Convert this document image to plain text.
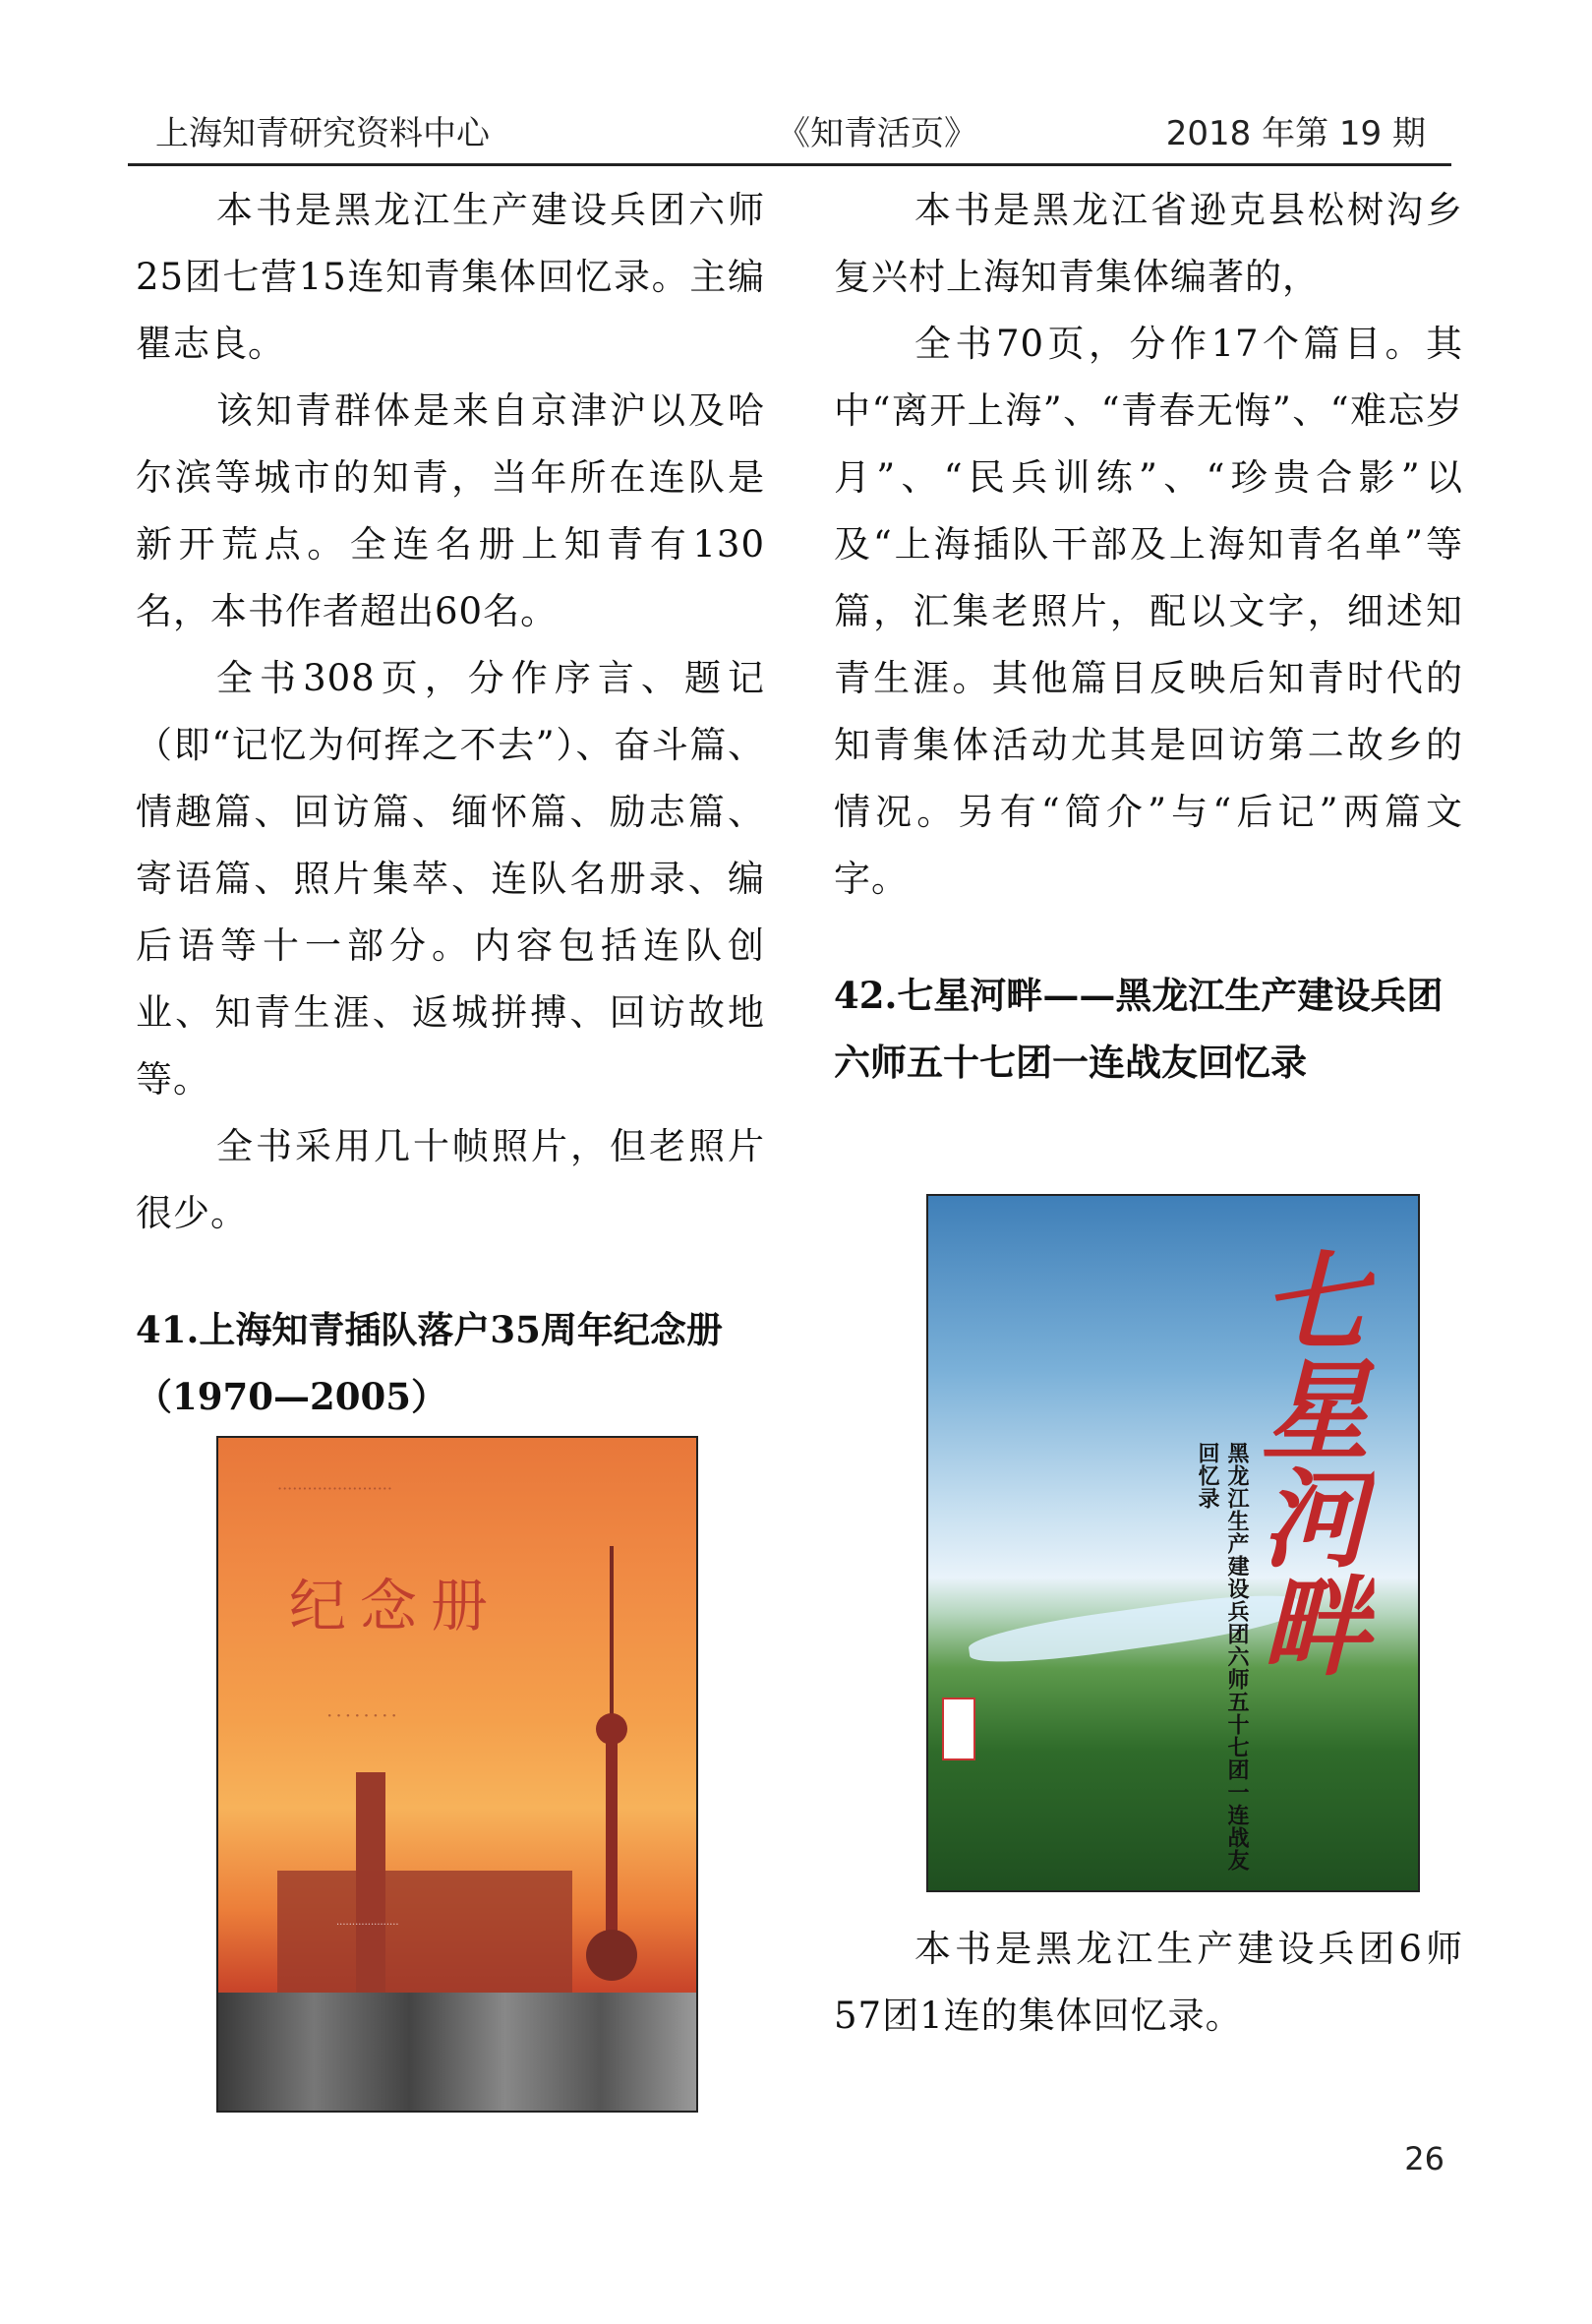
上海知青研究资料中心	《知青活页》	2018 年第 19 期

本书是黑龙江生产建设兵团六师25团七营15连知青集体回忆录。主编瞿志良。

该知青群体是来自京津沪以及哈尔滨等城市的知青，当年所在连队是新开荒点。全连名册上知青有130名，本书作者超出60名。

全书308页，分作序言、题记（即“记忆为何挥之不去”）、奋斗篇、情趣篇、回访篇、缅怀篇、励志篇、寄语篇、照片集萃、连队名册录、编后语等十一部分。内容包括连队创业、知青生涯、返城拼搏、回访故地等。

全书采用几十帧照片，但老照片很少。

41.上海知青插队落户35周年纪念册（1970—2005）

本书是黑龙江省逊克县松树沟乡复兴村上海知青集体编著的，

全书70页，分作17个篇目。其中“离开上海”、“青春无悔”、“难忘岁月”、“民兵训练”、“珍贵合影”以及“上海插队干部及上海知青名单”等篇，汇集老照片，配以文字，细述知青生涯。其他篇目反映后知青时代的知青集体活动尤其是回访第二故乡的情况。另有“简介”与“后记”两篇文字。

42.七星河畔——黑龙江生产建设兵团六师五十七团一连战友回忆录

·······················
纪念册
········
····················
黑龙江生产建设兵团六师五十七团一连战友回忆录 七星河畔

本书是黑龙江生产建设兵团6师57团1连的集体回忆录。

26
